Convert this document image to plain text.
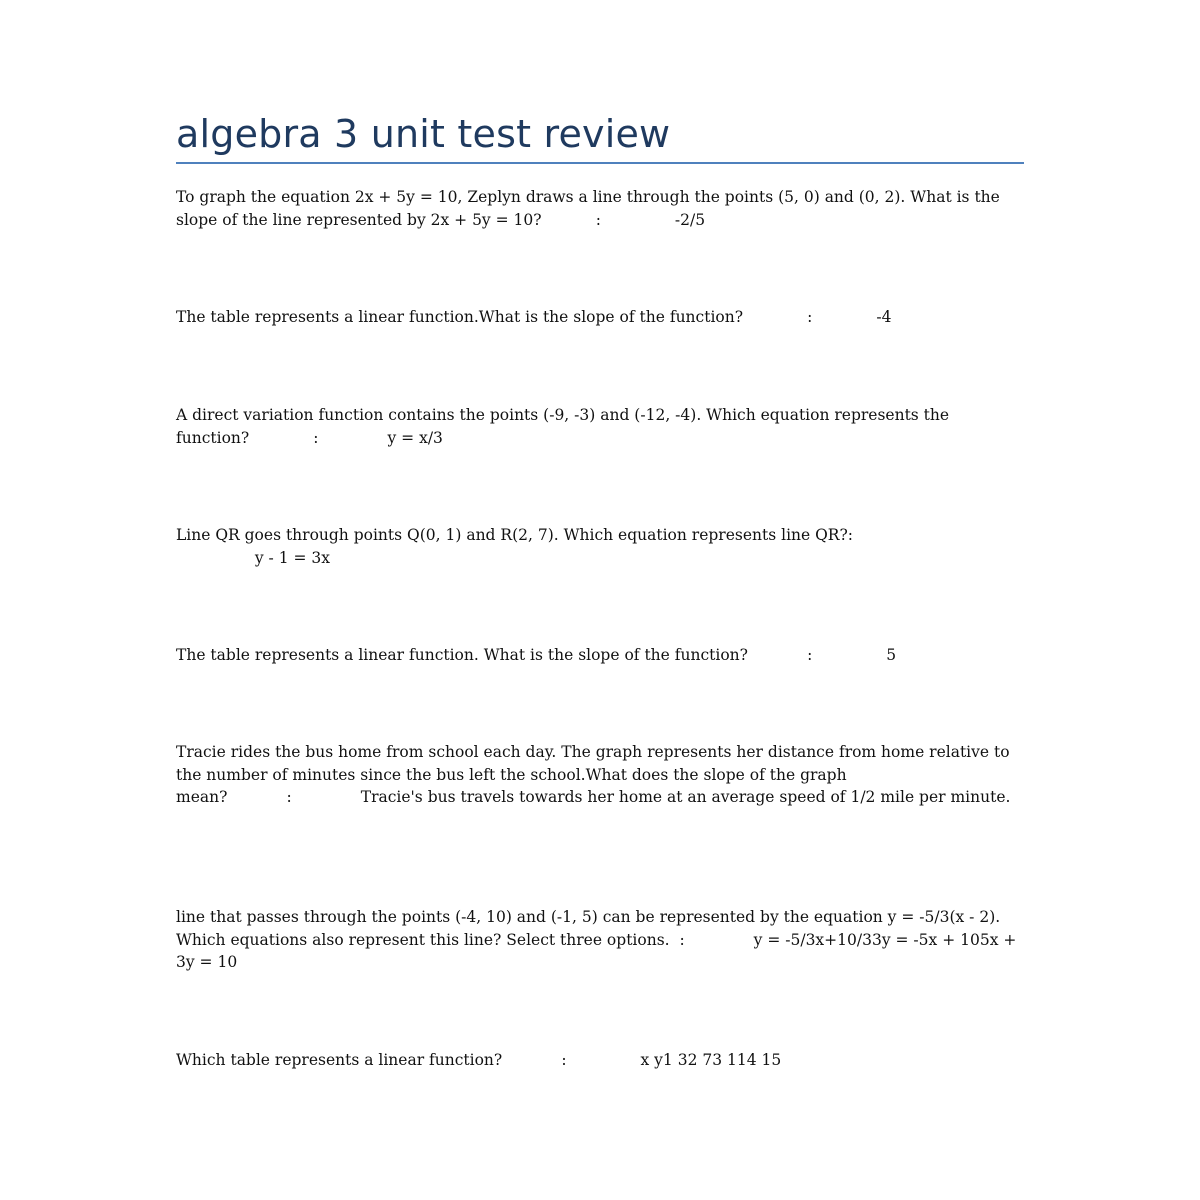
algebra 3 unit test review

To graph the equation 2x + 5y = 10, Zeplyn draws a line through the points (5, 0) and (0, 2). What is the slope of the line represented by 2x + 5y = 10?	:	-2/5

The table represents a linear function.What is the slope of the function?	:	-4

A direct variation function contains the points (-9, -3) and (-12, -4). Which equation represents the function?	:	y = x/3

Line QR goes through points Q(0, 1) and R(2, 7). Which equation represents line QR?:
y - 1 = 3x

The table represents a linear function. What is the slope of the function?	:	5

Tracie rides the bus home from school each day. The graph represents her distance from home relative to the number of minutes since the bus left the school.What does the slope of the graph mean?	:	Tracie's bus travels towards her home at an average speed of 1/2 mile per minute.

line that passes through the points (-4, 10) and (-1, 5) can be represented by the equation y = -5/3(x - 2). Which equations also represent this line? Select three options. :	y = -5/3x+10/33y = -5x + 105x + 3y = 10

Which table represents a linear function?	:	x y1 32 73 114 15
